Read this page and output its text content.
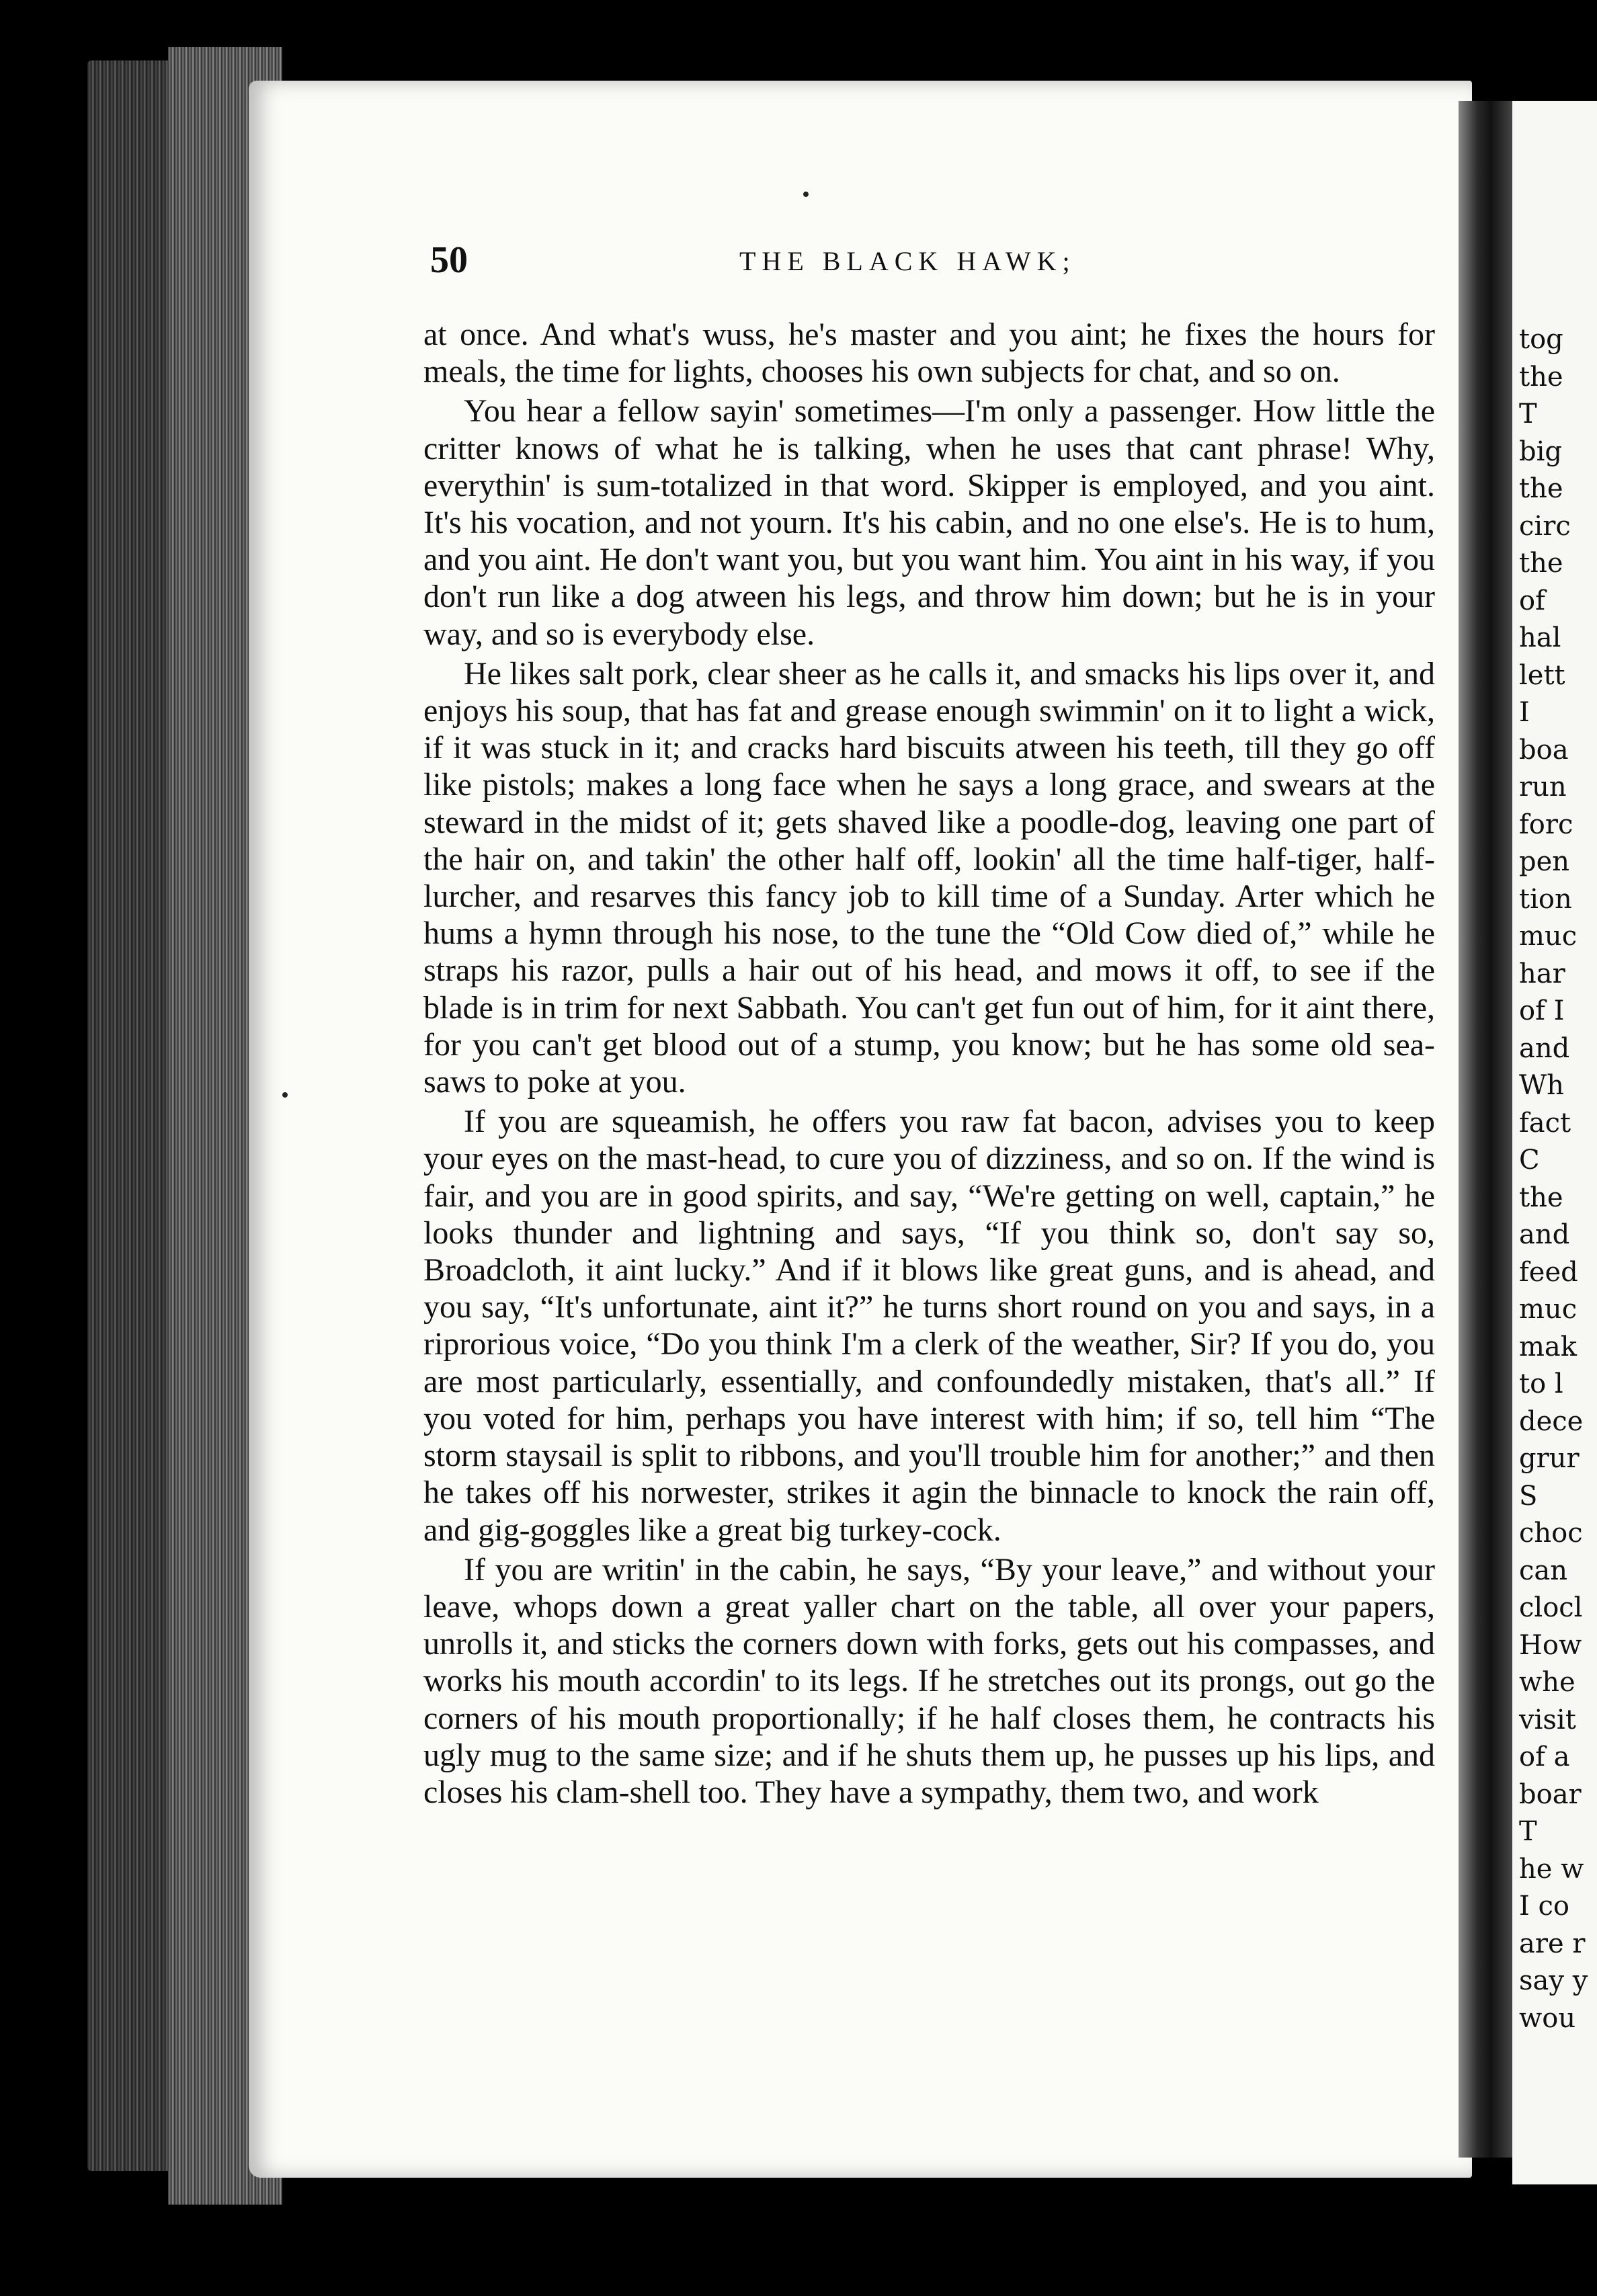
tog
the
T
big
the
circ
the
of
hal
lett
I
boa
run
forc
pen
tion
muc
har
of I
and
Wh
fact
C
the
and
feed
muc
mak
to l
dece
grur
S
choc
can
clocl
How
whe
visit
of a
boar
T
he w
I co
are r
say y
wou
50	THE BLACK HAWK;

at once. And what's wuss, he's master and you aint; he fixes the hours for meals, the time for lights, chooses his own subjects for chat, and so on.

You hear a fellow sayin' sometimes—I'm only a passenger. How little the critter knows of what he is talking, when he uses that cant phrase! Why, everythin' is sum-totalized in that word. Skipper is employed, and you aint. It's his vocation, and not yourn. It's his cabin, and no one else's. He is to hum, and you aint. He don't want you, but you want him. You aint in his way, if you don't run like a dog atween his legs, and throw him down; but he is in your way, and so is everybody else.

He likes salt pork, clear sheer as he calls it, and smacks his lips over it, and enjoys his soup, that has fat and grease enough swimmin' on it to light a wick, if it was stuck in it; and cracks hard biscuits atween his teeth, till they go off like pistols; makes a long face when he says a long grace, and swears at the steward in the midst of it; gets shaved like a poodle-dog, leaving one part of the hair on, and takin' the other half off, lookin' all the time half-tiger, half-lurcher, and resarves this fancy job to kill time of a Sunday. Arter which he hums a hymn through his nose, to the tune the “Old Cow died of,” while he straps his razor, pulls a hair out of his head, and mows it off, to see if the blade is in trim for next Sabbath. You can't get fun out of him, for it aint there, for you can't get blood out of a stump, you know; but he has some old sea-saws to poke at you.

If you are squeamish, he offers you raw fat bacon, advises you to keep your eyes on the mast-head, to cure you of dizziness, and so on. If the wind is fair, and you are in good spirits, and say, “We're getting on well, captain,” he looks thunder and lightning and says, “If you think so, don't say so, Broadcloth, it aint lucky.” And if it blows like great guns, and is ahead, and you say, “It's unfortunate, aint it?” he turns short round on you and says, in a riprorious voice, “Do you think I'm a clerk of the weather, Sir? If you do, you are most particularly, essentially, and confoundedly mistaken, that's all.” If you voted for him, perhaps you have interest with him; if so, tell him “The storm staysail is split to ribbons, and you'll trouble him for another;” and then he takes off his norwester, strikes it agin the binnacle to knock the rain off, and gig-goggles like a great big turkey-cock.

If you are writin' in the cabin, he says, “By your leave,” and without your leave, whops down a great yaller chart on the table, all over your papers, unrolls it, and sticks the corners down with forks, gets out his compasses, and works his mouth accordin' to its legs. If he stretches out its prongs, out go the corners of his mouth proportionally; if he half closes them, he contracts his ugly mug to the same size; and if he shuts them up, he pusses up his lips, and closes his clam-shell too. They have a sympathy, them two, and work
